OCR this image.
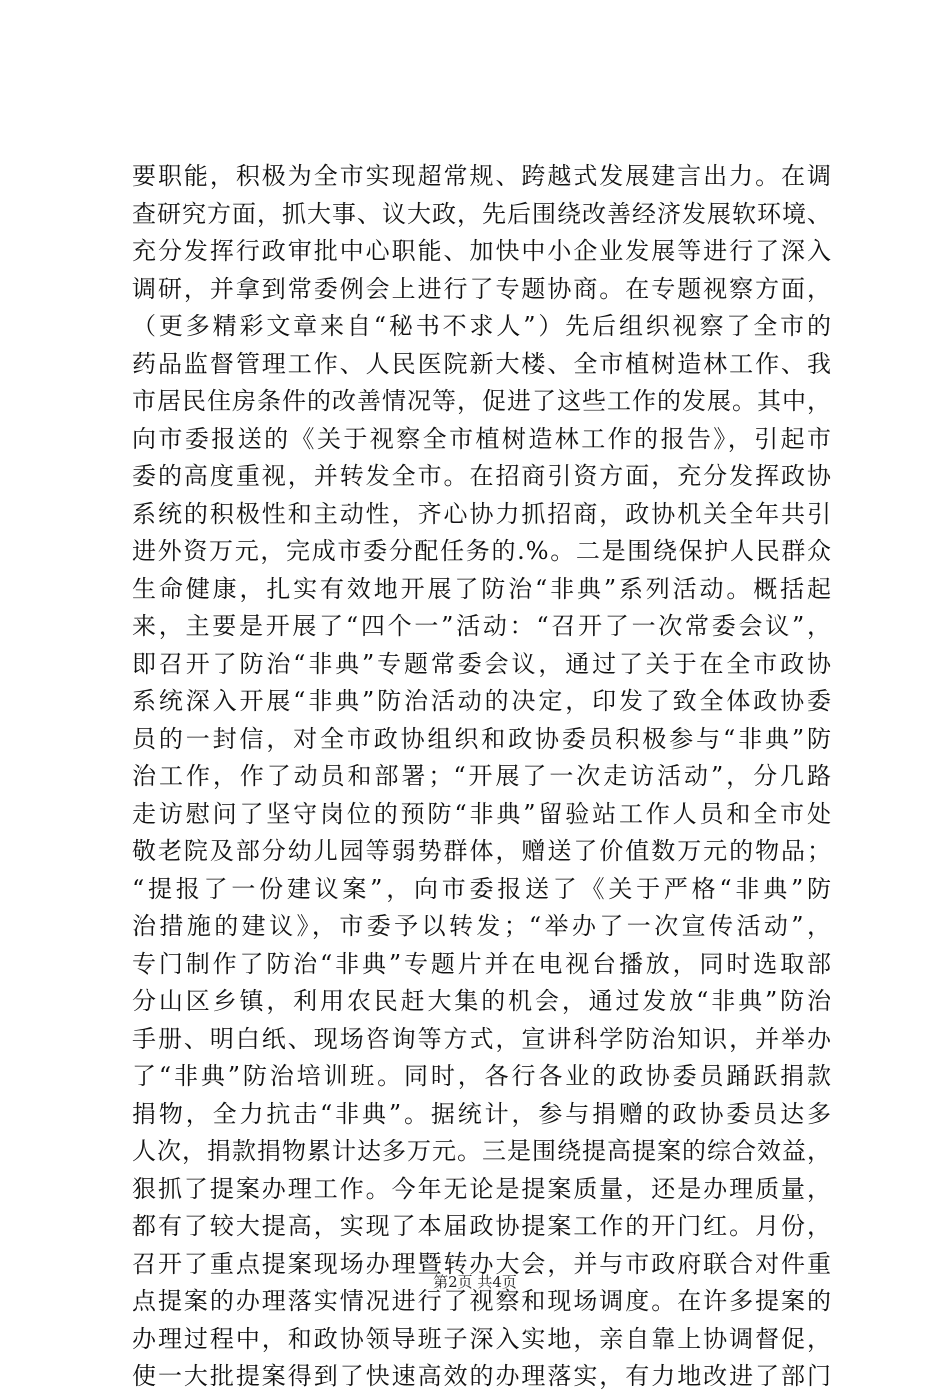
要职能，积极为全市实现超常规、跨越式发展建言出力。在调
查研究方面，抓大事、议大政，先后围绕改善经济发展软环境、
充分发挥行政审批中心职能、加快中小企业发展等进行了深入
调研，并拿到常委例会上进行了专题协商。在专题视察方面，
（更多精彩文章来自“秘书不求人”）先后组织视察了全市的
药品监督管理工作、人民医院新大楼、全市植树造林工作、我
市居民住房条件的改善情况等，促进了这些工作的发展。其中，
向市委报送的《关于视察全市植树造林工作的报告》，引起市
委的高度重视，并转发全市。在招商引资方面，充分发挥政协
系统的积极性和主动性，齐心协力抓招商，政协机关全年共引
进外资万元，完成市委分配任务的.%。二是围绕保护人民群众
生命健康，扎实有效地开展了防治“非典”系列活动。概括起
来，主要是开展了“四个一”活动：“召开了一次常委会议”，
即召开了防治“非典”专题常委会议，通过了关于在全市政协
系统深入开展“非典”防治活动的决定，印发了致全体政协委
员的一封信，对全市政协组织和政协委员积极参与“非典”防
治工作，作了动员和部署；“开展了一次走访活动”，分几路
走访慰问了坚守岗位的预防“非典”留验站工作人员和全市处
敬老院及部分幼儿园等弱势群体，赠送了价值数万元的物品；
“提报了一份建议案”，向市委报送了《关于严格“非典”防
治措施的建议》，市委予以转发；“举办了一次宣传活动”，
专门制作了防治“非典”专题片并在电视台播放，同时选取部
分山区乡镇，利用农民赶大集的机会，通过发放“非典”防治
手册、明白纸、现场咨询等方式，宣讲科学防治知识，并举办
了“非典”防治培训班。同时，各行各业的政协委员踊跃捐款
捐物，全力抗击“非典”。据统计，参与捐赠的政协委员达多
人次，捐款捐物累计达多万元。三是围绕提高提案的综合效益，
狠抓了提案办理工作。今年无论是提案质量，还是办理质量，
都有了较大提高，实现了本届政协提案工作的开门红。月份，
召开了重点提案现场办理暨转办大会，并与市政府联合对件重
点提案的办理落实情况进行了视察和现场调度。在许多提案的
办理过程中，和政协领导班子深入实地，亲自靠上协调督促，
使一大批提案得到了快速高效的办理落实，有力地改进了部门
第2页 共4页
